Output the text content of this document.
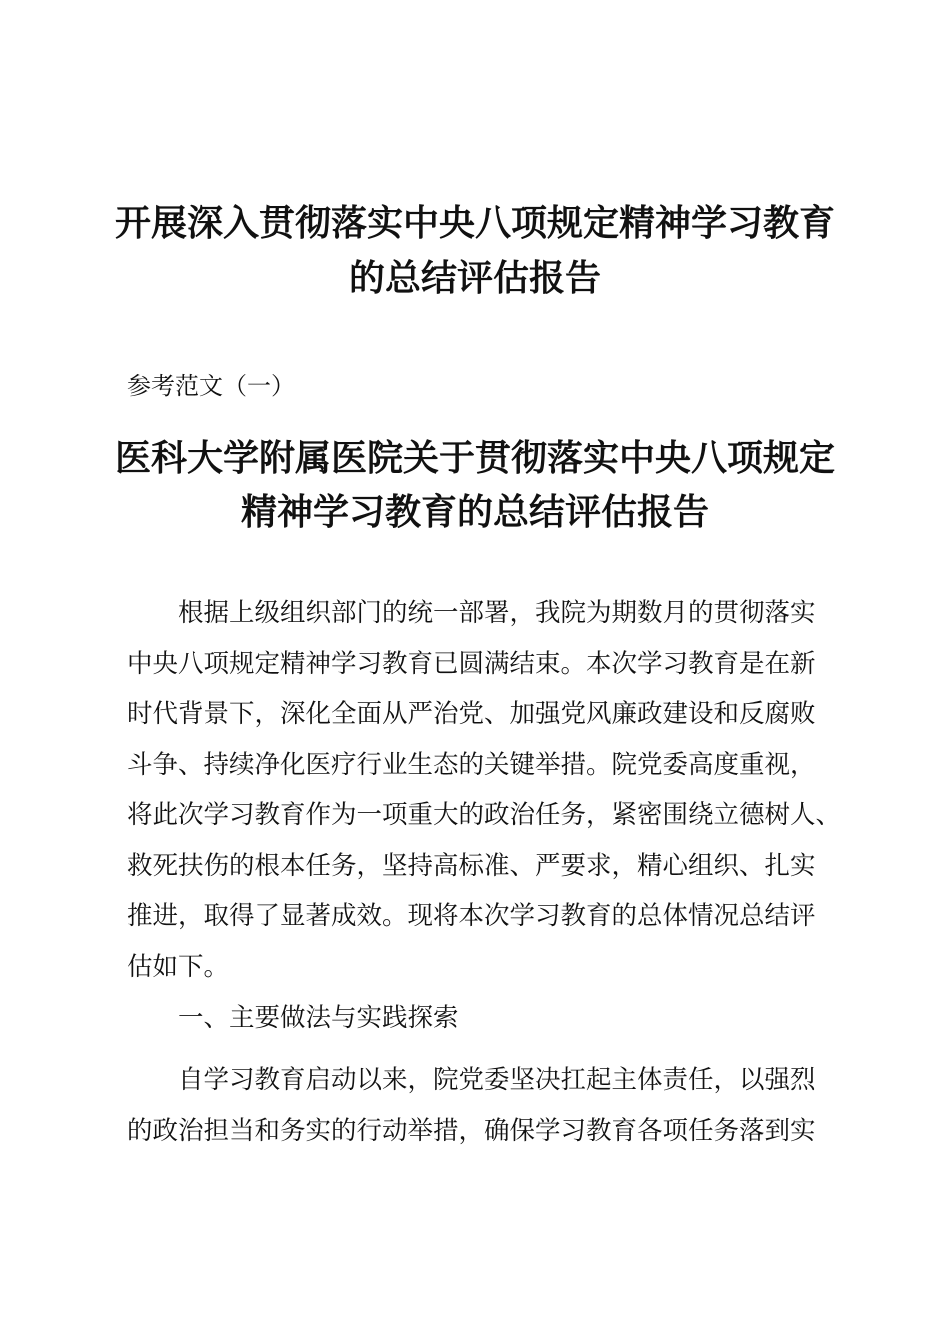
开展深入贯彻落实中央八项规定精神学习教育
的总结评估报告

参考范文（一）

医科大学附属医院关于贯彻落实中央八项规定
精神学习教育的总结评估报告

　　根据上级组织部门的统一部署，我院为期数月的贯彻落实
中央八项规定精神学习教育已圆满结束。本次学习教育是在新
时代背景下，深化全面从严治党、加强党风廉政建设和反腐败
斗争、持续净化医疗行业生态的关键举措。院党委高度重视，
将此次学习教育作为一项重大的政治任务，紧密围绕立德树人、
救死扶伤的根本任务，坚持高标准、严要求，精心组织、扎实
推进，取得了显著成效。现将本次学习教育的总体情况总结评
估如下。

　　一、主要做法与实践探索

　　自学习教育启动以来，院党委坚决扛起主体责任，以强烈
的政治担当和务实的行动举措，确保学习教育各项任务落到实
